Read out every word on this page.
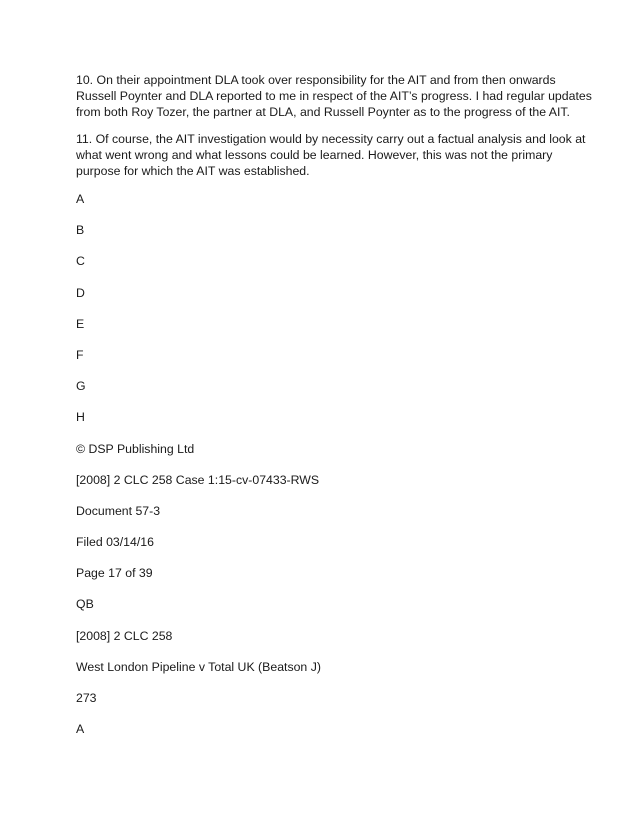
10. On their appointment DLA took over responsibility for the AIT and from then onwards
Russell Poynter and DLA reported to me in respect of the AIT’s progress. I had regular updates
from both Roy Tozer, the partner at DLA, and Russell Poynter as to the progress of the AIT.

11. Of course, the AIT investigation would by necessity carry out a factual analysis and look at
what went wrong and what lessons could be learned. However, this was not the primary
purpose for which the AIT was established.

A
B
C
D
E
F
G
H
© DSP Publishing Ltd
[2008] 2 CLC 258 Case 1:15-cv-07433-RWS
Document 57-3
Filed 03/14/16
Page 17 of 39
QB
[2008] 2 CLC 258
West London Pipeline v Total UK (Beatson J)
273
A
